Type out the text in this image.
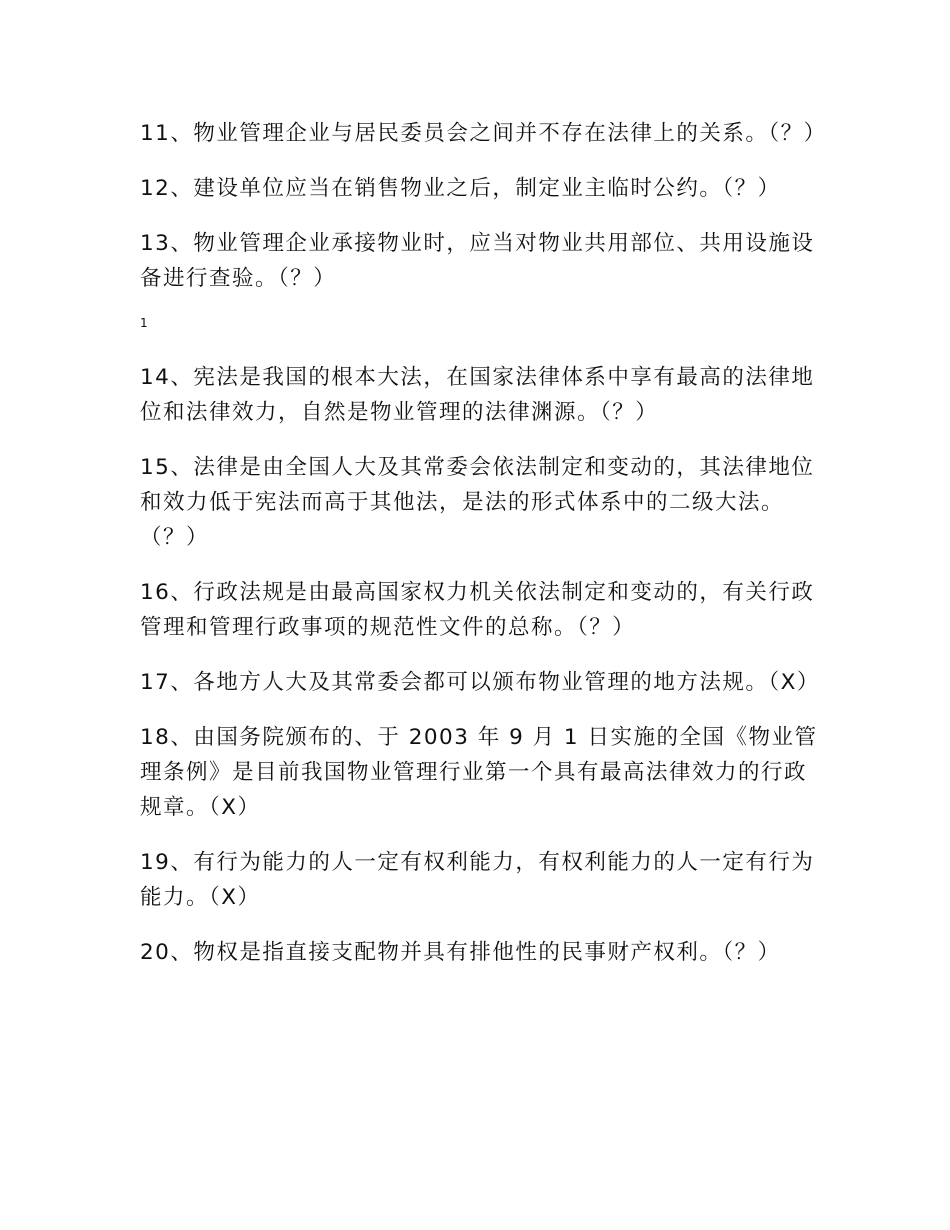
11、物业管理企业与居民委员会之间并不存在法律上的关系。（？）

12、建设单位应当在销售物业之后，制定业主临时公约。（？）

13、物业管理企业承接物业时，应当对物业共用部位、共用设施设备进行查验。（？）

1

14、宪法是我国的根本大法，在国家法律体系中享有最高的法律地位和法律效力，自然是物业管理的法律渊源。（？）

15、法律是由全国人大及其常委会依法制定和变动的，其法律地位和效力低于宪法而高于其他法，是法的形式体系中的二级大法。（？）

16、行政法规是由最高国家权力机关依法制定和变动的，有关行政管理和管理行政事项的规范性文件的总称。（？）

17、各地方人大及其常委会都可以颁布物业管理的地方法规。（X）

18、由国务院颁布的、于 2003 年 9 月 1 日实施的全国《物业管理条例》是目前我国物业管理行业第一个具有最高法律效力的行政规章。（X）

19、有行为能力的人一定有权利能力，有权利能力的人一定有行为能力。（X）

20、物权是指直接支配物并具有排他性的民事财产权利。（？）
